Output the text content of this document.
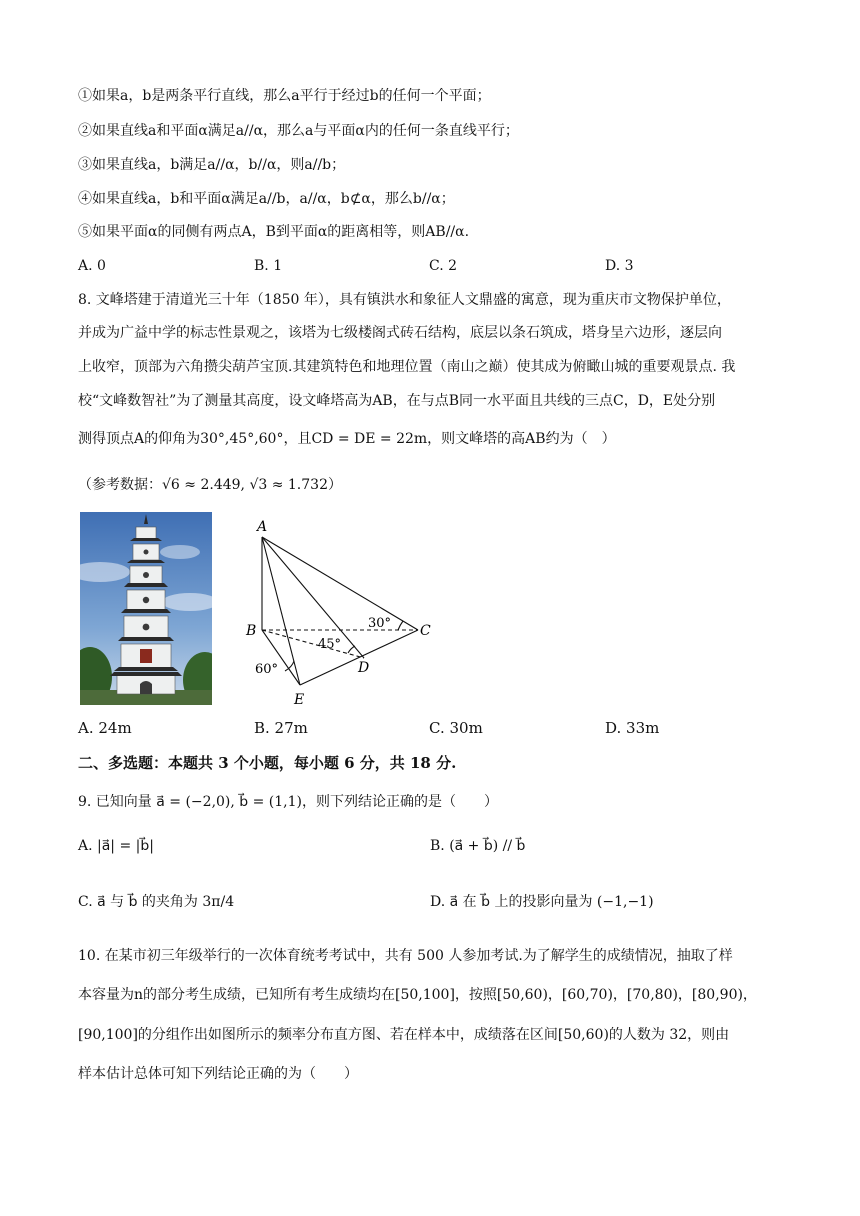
①如果a，b是两条平行直线，那么a平行于经过b的任何一个平面；
②如果直线a和平面α满足a//α，那么a与平面α内的任何一条直线平行；
③如果直线a，b满足a//α，b//α，则a//b；
④如果直线a，b和平面α满足a//b，a//α，b⊄α，那么b//α；
⑤如果平面α的同侧有两点A，B到平面α的距离相等，则AB//α.
A. 0	B. 1	C. 2	D. 3
8. 文峰塔建于清道光三十年（1850 年），具有镇洪水和象征人文鼎盛的寓意，现为重庆市文物保护单位，
并成为广益中学的标志性景观之，该塔为七级楼阁式砖石结构，底层以条石筑成，塔身呈六边形，逐层向
上收窄，顶部为六角攒尖葫芦宝顶.其建筑特色和地理位置（南山之巅）使其成为俯瞰山城的重要观景点. 我
校“文峰数智社”为了测量其高度，设文峰塔高为AB，在与点B同一水平面且共线的三点C，D，E处分别
测得顶点A的仰角为30°,45°,60°，且CD = DE = 22m，则文峰塔的高AB约为（　）
（参考数据：√6 ≈ 2.449, √3 ≈ 1.732）
A
B	C
D
E
30°
45°
60°
A. 24m	B. 27m	C. 30m	D. 33m
二、多选题：本题共 3 个小题，每小题 6 分，共 18 分.
9. 已知向量 a⃗ = (−2,0), b⃗ = (1,1)，则下列结论正确的是（　　）
A. |a⃗| = |b⃗|	B. (a⃗ + b⃗) // b⃗
C. a⃗ 与 b⃗ 的夹角为 3π/4	D. a⃗ 在 b⃗ 上的投影向量为 (−1,−1)
10. 在某市初三年级举行的一次体育统考考试中，共有 500 人参加考试.为了解学生的成绩情况，抽取了样
本容量为n的部分考生成绩，已知所有考生成绩均在[50,100]，按照[50,60)，[60,70)，[70,80)，[80,90)，
[90,100]的分组作出如图所示的频率分布直方图、若在样本中，成绩落在区间[50,60)的人数为 32，则由
样本估计总体可知下列结论正确的为（　　）
